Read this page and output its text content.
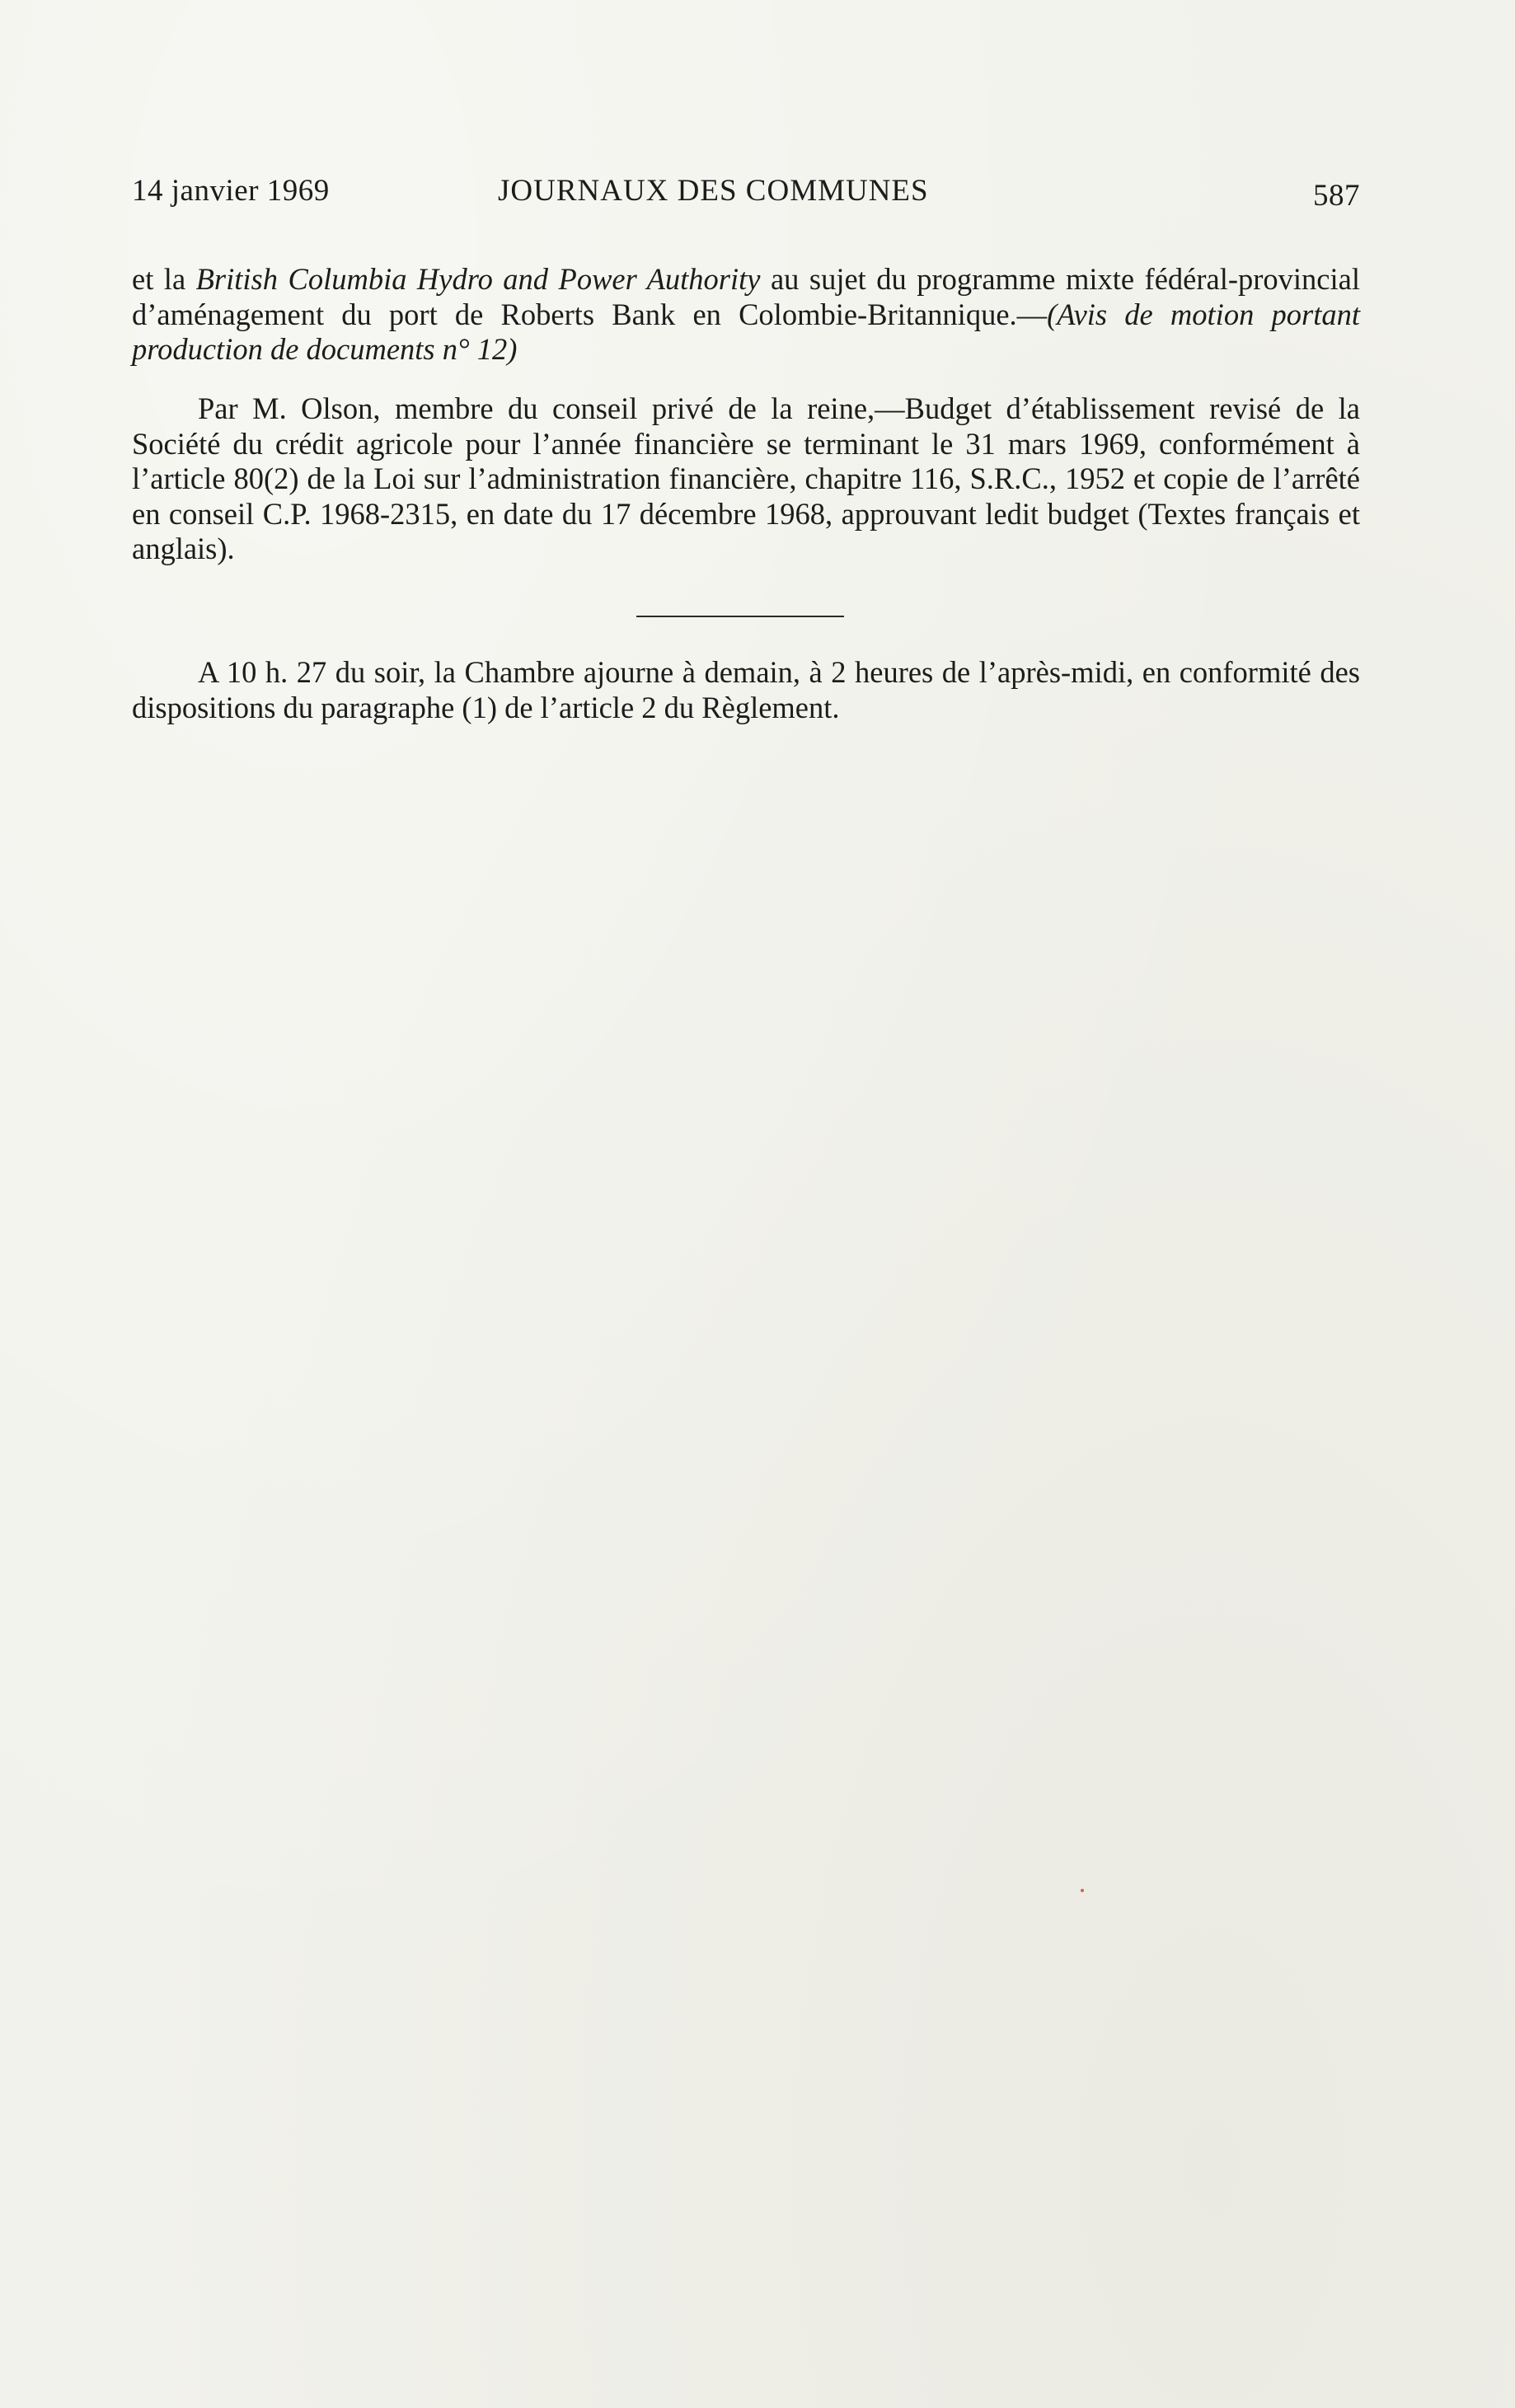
14 janvier 1969	JOURNAUX DES COMMUNES	587

et la British Columbia Hydro and Power Authority au sujet du programme mixte fédéral-provincial d’aménagement du port de Roberts Bank en Colombie-Britannique.—(Avis de motion portant production de documents n° 12)

Par M. Olson, membre du conseil privé de la reine,—Budget d’établissement revisé de la Société du crédit agricole pour l’année financière se terminant le 31 mars 1969, conformément à l’article 80(2) de la Loi sur l’administration financière, chapitre 116, S.R.C., 1952 et copie de l’arrêté en conseil C.P. 1968-2315, en date du 17 décembre 1968, approuvant ledit budget (Textes français et anglais).

A 10 h. 27 du soir, la Chambre ajourne à demain, à 2 heures de l’après-midi, en conformité des dispositions du paragraphe (1) de l’article 2 du Règlement.
